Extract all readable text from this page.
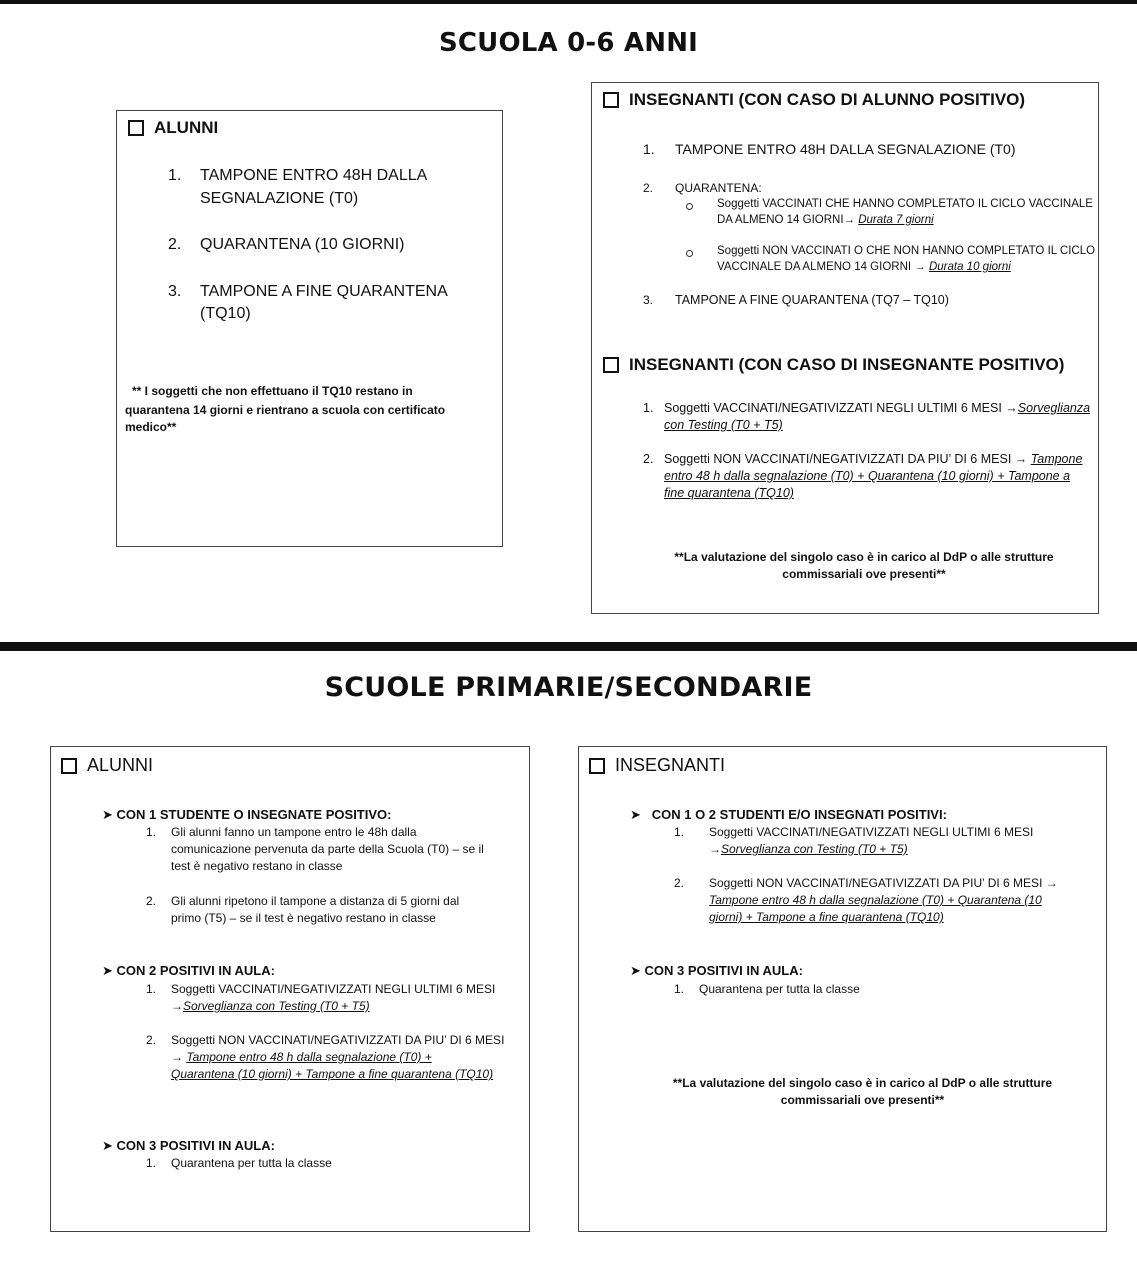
SCUOLA 0-6 ANNI
ALUNNI
1. TAMPONE ENTRO 48H DALLA
SEGNALAZIONE (T0)
2. QUARANTENA (10 GIORNI)
3. TAMPONE A FINE QUARANTENA
(TQ10)
** I soggetti che non effettuano il TQ10 restano in
quarantena 14 giorni e rientrano a scuola con certificato
medico**
INSEGNANTI (CON CASO DI ALUNNO POSITIVO)
1. TAMPONE ENTRO 48H DALLA SEGNALAZIONE (T0)
2. QUARANTENA:
Soggetti VACCINATI CHE HANNO COMPLETATO IL CICLO VACCINALE
DA ALMENO 14 GIORNI→ Durata 7 giorni
Soggetti NON VACCINATI O CHE NON HANNO COMPLETATO IL CICLO
VACCINALE DA ALMENO 14 GIORNI → Durata 10 giorni
3. TAMPONE A FINE QUARANTENA (TQ7 – TQ10)
INSEGNANTI (CON CASO DI INSEGNANTE POSITIVO)
1. Soggetti VACCINATI/NEGATIVIZZATI NEGLI ULTIMI 6 MESI →Sorveglianza
con Testing (T0 + T5)
2. Soggetti NON VACCINATI/NEGATIVIZZATI DA PIU’ DI 6 MESI → Tampone
entro 48 h dalla segnalazione (T0) + Quarantena (10 giorni) + Tampone a
fine quarantena (TQ10)
**La valutazione del singolo caso è in carico al DdP o alle strutture
commissariali ove presenti**
SCUOLE PRIMARIE/SECONDARIE
ALUNNI
➤ CON 1 STUDENTE O INSEGNATE POSITIVO:
1. Gli alunni fanno un tampone entro le 48h dalla
comunicazione pervenuta da parte della Scuola (T0) – se il
test è negativo restano in classe
2. Gli alunni ripetono il tampone a distanza di 5 giorni dal
primo (T5) – se il test è negativo restano in classe
➤ CON 2 POSITIVI IN AULA:
1. Soggetti VACCINATI/NEGATIVIZZATI NEGLI ULTIMI 6 MESI
→Sorveglianza con Testing (T0 + T5)
2. Soggetti NON VACCINATI/NEGATIVIZZATI DA PIU’ DI 6 MESI
→ Tampone entro 48 h dalla segnalazione (T0) +
Quarantena (10 giorni) + Tampone a fine quarantena (TQ10)
➤ CON 3 POSITIVI IN AULA:
1. Quarantena per tutta la classe
INSEGNANTI
➤   CON 1 O 2 STUDENTI E/O INSEGNATI POSITIVI:
1. Soggetti VACCINATI/NEGATIVIZZATI NEGLI ULTIMI 6 MESI
→Sorveglianza con Testing (T0 + T5)
2. Soggetti NON VACCINATI/NEGATIVIZZATI DA PIU’ DI 6 MESI →
Tampone entro 48 h dalla segnalazione (T0) + Quarantena (10
giorni) + Tampone a fine quarantena (TQ10)
➤ CON 3 POSITIVI IN AULA:
1. Quarantena per tutta la classe
**La valutazione del singolo caso è in carico al DdP o alle strutture
commissariali ove presenti**
